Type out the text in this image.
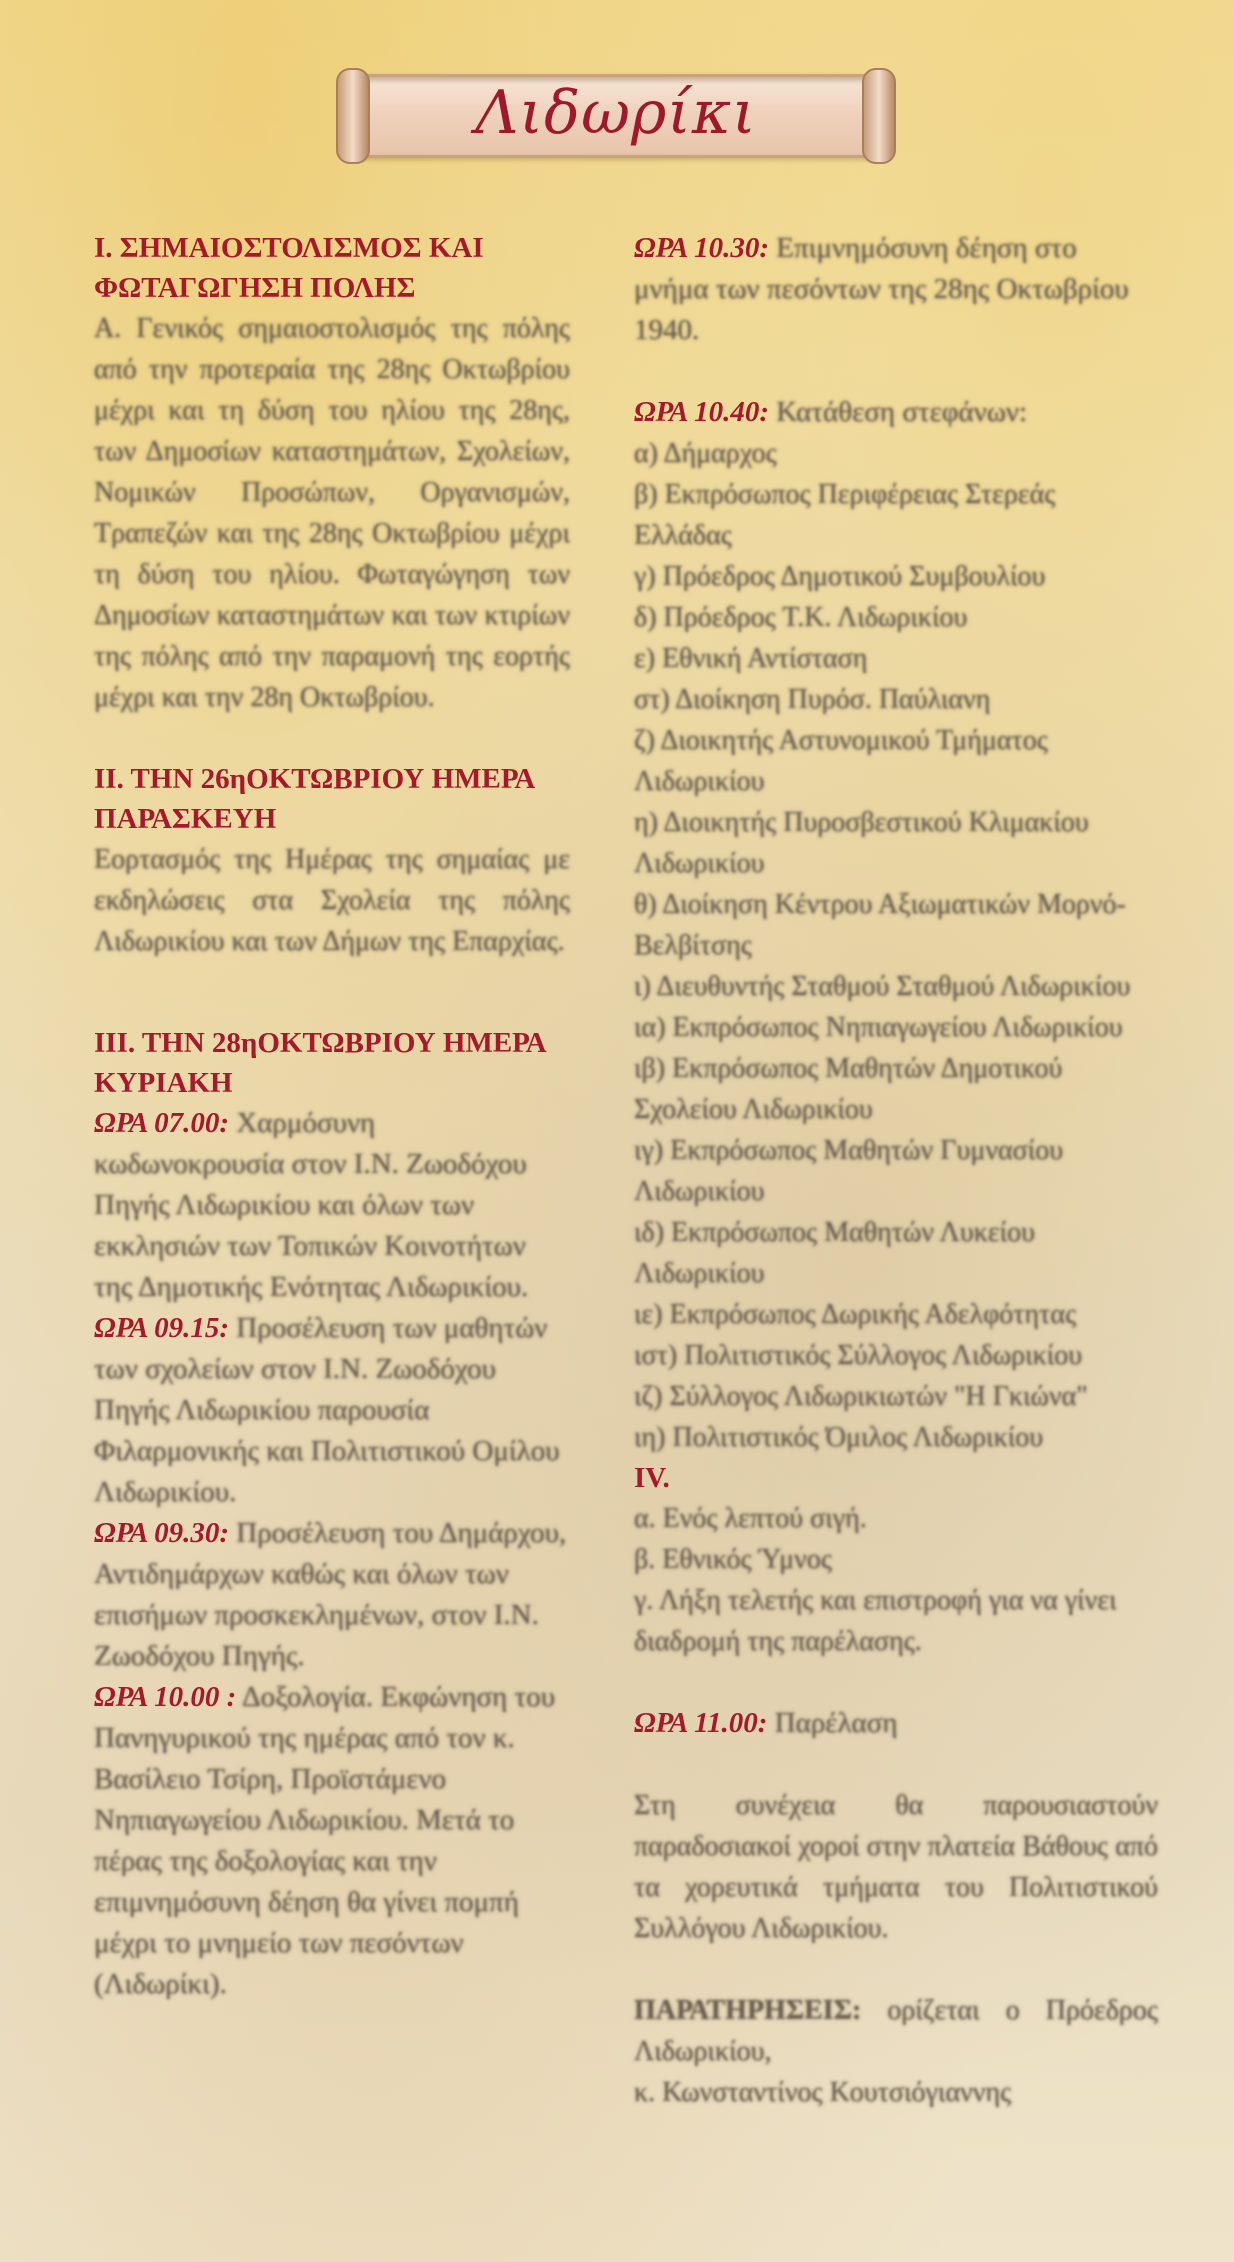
Λιδωρίκι

Ι. ΣΗΜΑΙΟΣΤΟΛΙΣΜΟΣ ΚΑΙ ΦΩΤΑΓΩΓΗΣΗ ΠΟΛΗΣ

Α. Γενικός σημαιοστολισμός της πόλης από την προτεραία της 28ης Οκτωβρίου μέχρι και τη δύση του ηλίου της 28ης, των Δημοσίων καταστημάτων, Σχολείων, Νομικών Προσώπων, Οργανισμών, Τραπεζών και της 28ης Οκτωβρίου μέχρι τη δύση του ηλίου. Φωταγώγηση των Δημοσίων καταστημάτων και των κτιρίων της πόλης από την παραμονή της εορτής μέχρι και την 28η Οκτωβρίου.

ΙΙ. ΤΗΝ 26ηΟΚΤΩΒΡΙΟΥ ΗΜΕΡΑ ΠΑΡΑΣΚΕΥΗ

Εορτασμός της Ημέρας της σημαίας με εκδηλώσεις στα Σχολεία της πόλης Λιδωρικίου και των Δήμων της Επαρχίας.

ΙΙΙ. ΤΗΝ 28ηΟΚΤΩΒΡΙΟΥ ΗΜΕΡΑ ΚΥΡΙΑΚΗ

ΩΡΑ 07.00: Χαρμόσυνη κωδωνοκρουσία στον Ι.Ν. Ζωοδόχου Πηγής Λιδωρικίου και όλων των εκκλησιών των Τοπικών Κοινοτήτων της Δημοτικής Ενότητας Λιδωρικίου.

ΩΡΑ 09.15: Προσέλευση των μαθητών των σχολείων στον Ι.Ν. Ζωοδόχου Πηγής Λιδωρικίου παρουσία Φιλαρμονικής και Πολιτιστικού Ομίλου Λιδωρικίου.

ΩΡΑ 09.30: Προσέλευση του Δημάρχου, Αντιδημάρχων καθώς και όλων των επισήμων προσκεκλημένων, στον Ι.Ν. Ζωοδόχου Πηγής.

ΩΡΑ 10.00 : Δοξολογία. Εκφώνηση του Πανηγυρικού της ημέρας από τον κ. Βασίλειο Τσίρη, Προϊστάμενο Νηπιαγωγείου Λιδωρικίου. Μετά το πέρας της δοξολογίας και την επιμνημόσυνη δέηση θα γίνει πομπή μέχρι το μνημείο των πεσόντων (Λιδωρίκι).

ΩΡΑ 10.30: Επιμνημόσυνη δέηση στο μνήμα των πεσόντων της 28ης Οκτωβρίου 1940.

ΩΡΑ 10.40: Κατάθεση στεφάνων:

α) Δήμαρχος

β) Εκπρόσωπος Περιφέρειας Στερεάς Ελλάδας

γ) Πρόεδρος Δημοτικού Συμβουλίου

δ) Πρόεδρος Τ.Κ. Λιδωρικίου

ε) Εθνική Αντίσταση

στ) Διοίκηση Πυρόσ. Παύλιανη

ζ) Διοικητής Αστυνομικού Τμήματος Λιδωρικίου

η) Διοικητής Πυροσβεστικού Κλιμακίου Λιδωρικίου

θ) Διοίκηση Κέντρου Αξιωματικών Μορνό-Βελβίτσης

ι) Διευθυντής Σταθμού Σταθμού Λιδωρικίου

ια) Εκπρόσωπος Νηπιαγωγείου Λιδωρικίου

ιβ) Εκπρόσωπος Μαθητών Δημοτικού Σχολείου Λιδωρικίου

ιγ) Εκπρόσωπος Μαθητών Γυμνασίου Λιδωρικίου

ιδ) Εκπρόσωπος Μαθητών Λυκείου Λιδωρικίου

ιε) Εκπρόσωπος Δωρικής Αδελφότητας

ιστ) Πολιτιστικός Σύλλογος Λιδωρικίου

ιζ) Σύλλογος Λιδωρικιωτών "Η Γκιώνα"

ιη) Πολιτιστικός Όμιλος Λιδωρικίου

IV.

α. Ενός λεπτού σιγή.

β. Εθνικός Ύμνος

γ. Λήξη τελετής και επιστροφή για να γίνει διαδρομή της παρέλασης.

ΩΡΑ 11.00: Παρέλαση

Στη συνέχεια θα παρουσιαστούν παραδοσιακοί χοροί στην πλατεία Βάθους από τα χορευτικά τμήματα του Πολιτιστικού Συλλόγου Λιδωρικίου.

ΠΑΡΑΤΗΡΗΣΕΙΣ: ορίζεται ο Πρόεδρος Λιδωρικίου,

κ. Κωνσταντίνος Κουτσιόγιαννης
